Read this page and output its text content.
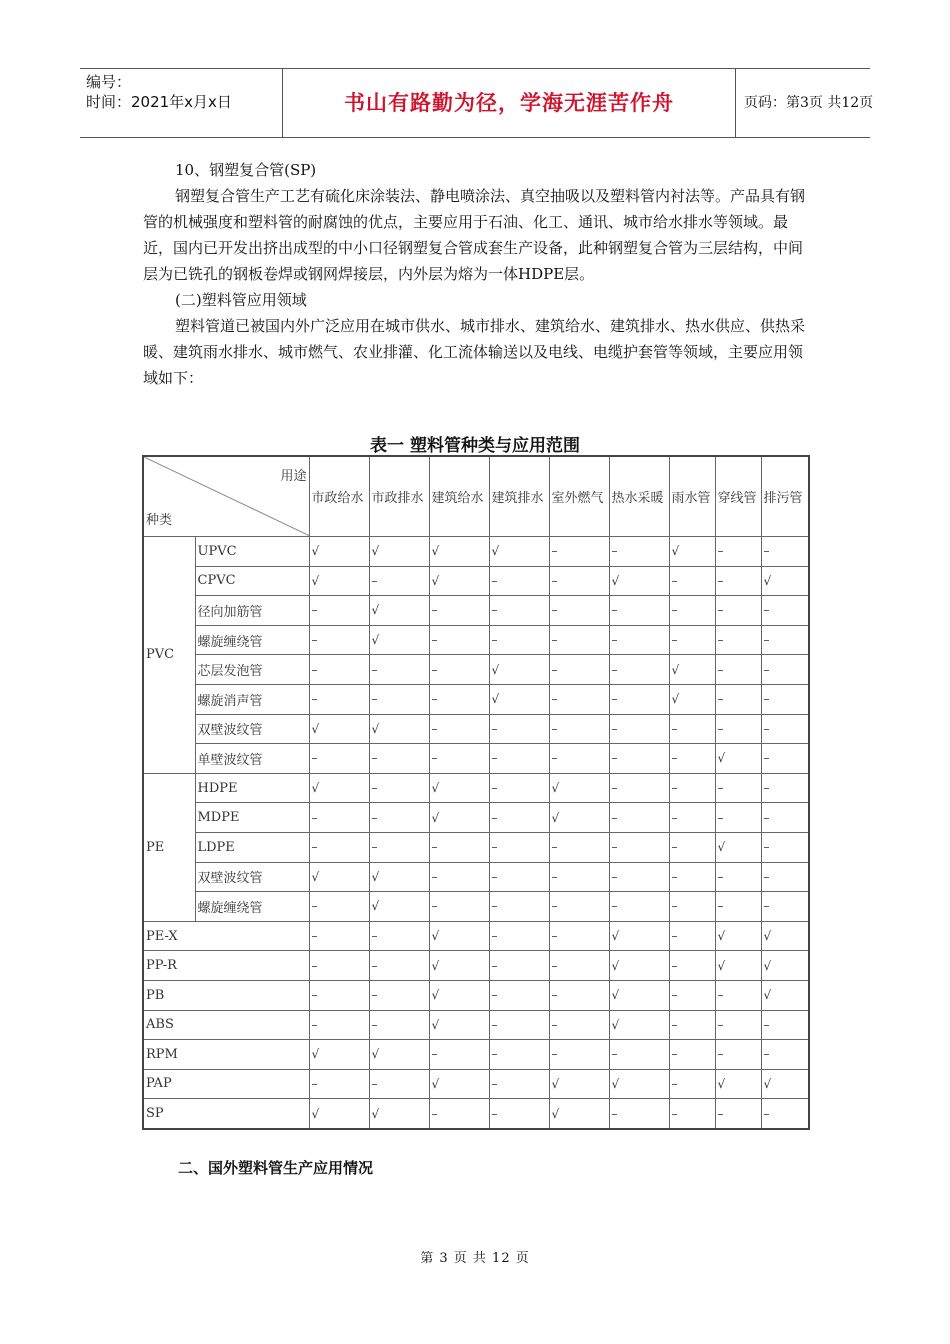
编号：
时间：2021年x月x日	书山有路勤为径，学海无涯苦作舟	页码：第3页 共12页

10、钢塑复合管(SP)

钢塑复合管生产工艺有硫化床涂装法、静电喷涂法、真空抽吸以及塑料管内衬法等。产品具有钢管的机械强度和塑料管的耐腐蚀的优点，主要应用于石油、化工、通讯、城市给水排水等领域。最近，国内已开发出挤出成型的中小口径钢塑复合管成套生产设备，此种钢塑复合管为三层结构，中间层为已铣孔的钢板卷焊或钢网焊接层，内外层为熔为一体HDPE层。

(二)塑料管应用领域

塑料管道已被国内外广泛应用在城市供水、城市排水、建筑给水、建筑排水、热水供应、供热采暖、建筑雨水排水、城市燃气、农业排灌、化工流体输送以及电线、电缆护套管等领域，主要应用领域如下：

表一 塑料管种类与应用范围
用途
种类		市政给水	市政排水	建筑给水	建筑排水	室外燃气	热水采暖	雨水管	穿线管	排污管
PVC	UPVC	√	√	√	√	–	–	√	–	–
	CPVC	√	–	√	–	–	√	–	–	√
	径向加筋管	–	√	–	–	–	–	–	–	–
	螺旋缠绕管	–	√	–	–	–	–	–	–	–
	芯层发泡管	–	–	–	√	–	–	√	–	–
	螺旋消声管	–	–	–	√	–	–	√	–	–
	双壁波纹管	√	√	–	–	–	–	–	–	–
	单壁波纹管	–	–	–	–	–	–	–	√	–
PE	HDPE	√	–	√	–	√	–	–	–	–
	MDPE	–	–	√	–	√	–	–	–	–
	LDPE	–	–	–	–	–	–	–	√	–
	双壁波纹管	√	√	–	–	–	–	–	–	–
	螺旋缠绕管	–	√	–	–	–	–	–	–	–
PE-X		–	–	√	–	–	√	–	√	√
PP-R		–	–	√	–	–	√	–	√	√
PB		–	–	√	–	–	√	–	–	√
ABS		–	–	√	–	–	√	–	–	–
RPM		√	√	–	–	–	–	–	–	–
PAP		–	–	√	–	√	√	–	√	√
SP		√	√	–	–	√	–	–	–	–
二、国外塑料管生产应用情况
第 3 页 共 12 页
